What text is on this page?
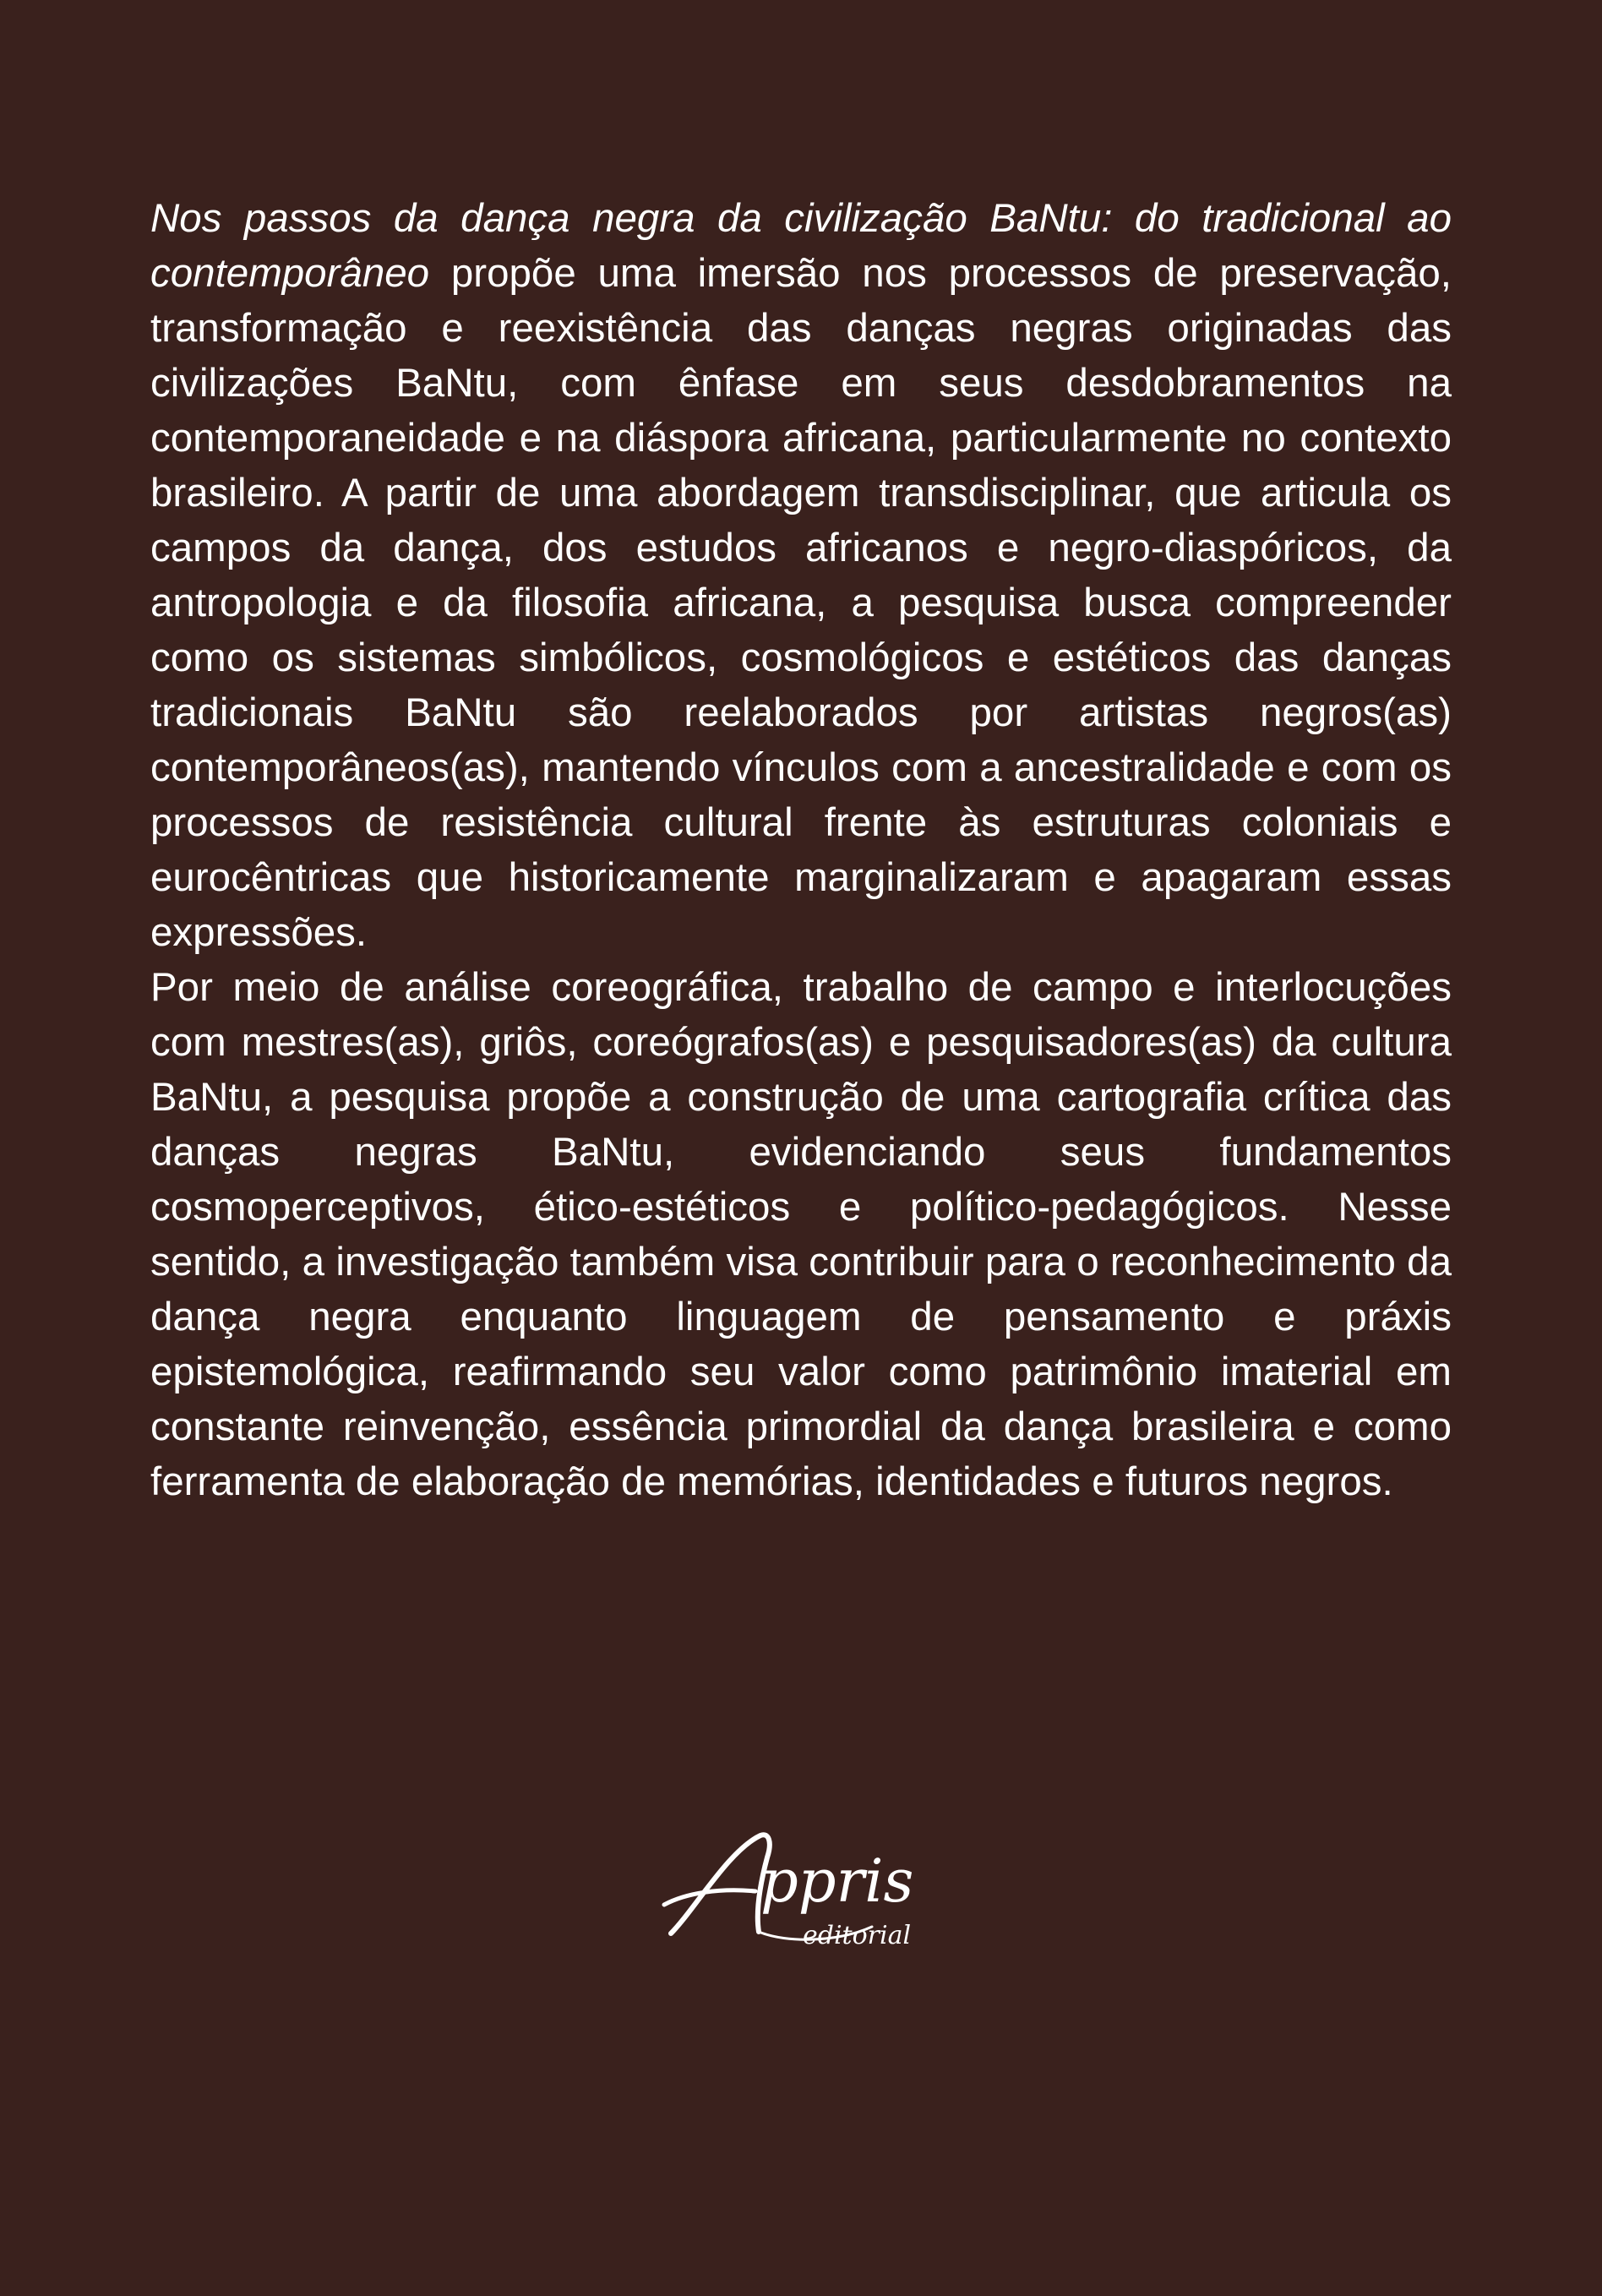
Nos passos da dança negra da civilização BaNtu: do tradicional ao contemporâneo propõe uma imersão nos processos de preservação, transformação e reexistência das danças negras originadas das civilizações BaNtu, com ênfase em seus desdobramentos na contemporaneidade e na diáspora africana, particularmente no contexto brasileiro. A partir de uma abordagem transdisciplinar, que articula os campos da dança, dos estudos africanos e negro-diaspóricos, da antropologia e da filosofia africana, a pesquisa busca compreender como os sistemas simbólicos, cosmológicos e estéticos das danças tradicionais BaNtu são reelaborados por artistas negros(as) contemporâneos(as), mantendo vínculos com a ancestralidade e com os processos de resistência cultural frente às estruturas coloniais e eurocêntricas que historicamente marginalizaram e apagaram essas expressões.

Por meio de análise coreográfica, trabalho de campo e interlocuções com mestres(as), griôs, coreógrafos(as) e pesquisadores(as) da cultura BaNtu, a pesquisa propõe a construção de uma cartografia crítica das danças negras BaNtu, evidenciando seus fundamentos cosmoperceptivos, ético-estéticos e político-pedagógicos. Nesse sentido, a investigação também visa contribuir para o reconhecimento da dança negra enquanto linguagem de pensamento e práxis epistemológica, reafirmando seu valor como patrimônio imaterial em constante reinvenção, essência primordial da dança brasileira e como ferramenta de elaboração de memórias, identidades e futuros negros.

ppris
editorial
